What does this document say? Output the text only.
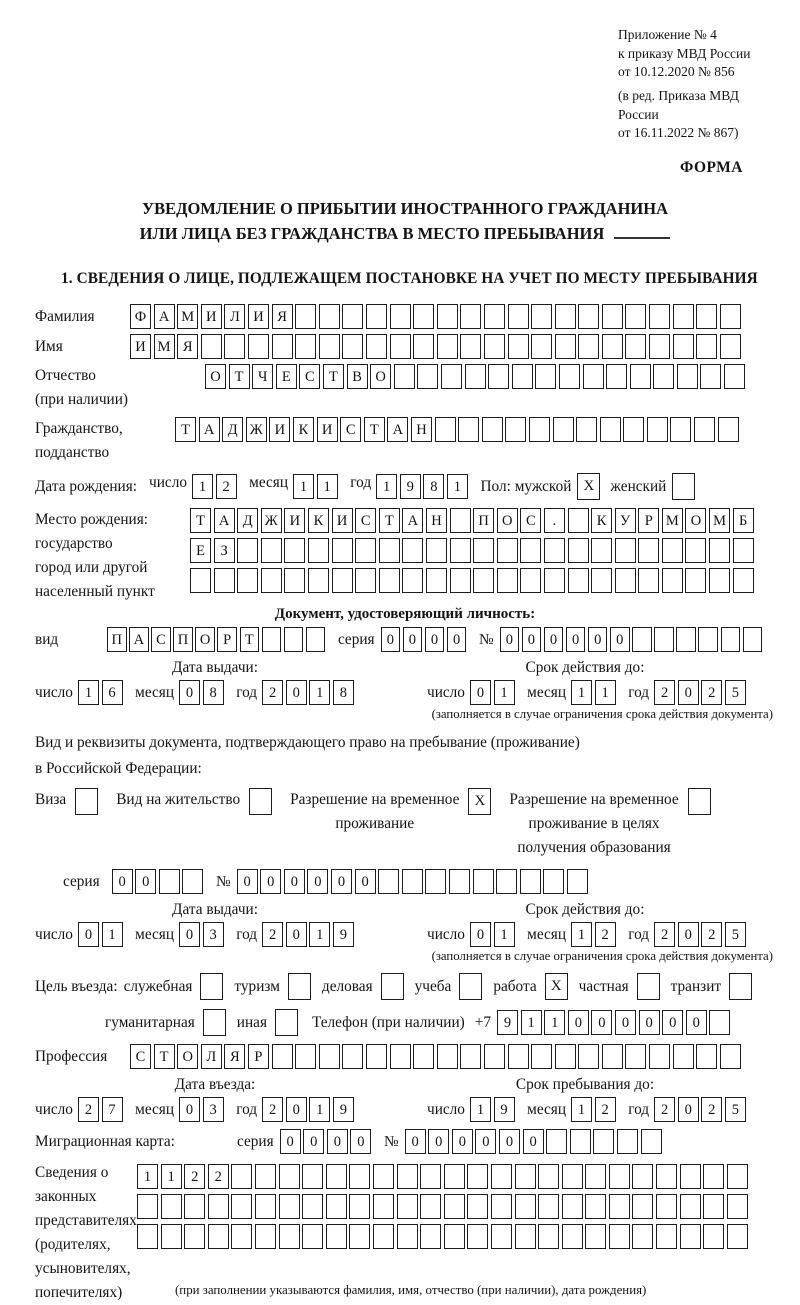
Приложение № 4
к приказу МВД России
от 10.12.2020 № 856
(в ред. Приказа МВД России
от 16.11.2022 № 867)
ФОРМА
УВЕДОМЛЕНИЕ О ПРИБЫТИИ ИНОСТРАННОГО ГРАЖДАНИНА
ИЛИ ЛИЦА БЕЗ ГРАЖДАНСТВА В МЕСТО ПРЕБЫВАНИЯ
1. СВЕДЕНИЯ О ЛИЦЕ, ПОДЛЕЖАЩЕМ ПОСТАНОВКЕ НА УЧЕТ ПО МЕСТУ ПРЕБЫВАНИЯ
Фамилия	Ф А М И Л И Я
Имя	И М Я
Отчество
(при наличии)
О Т Ч Е С Т В О
Гражданство,
подданство
Т А Д Ж И К И С Т А Н
Дата рождения: число 1	2	месяц 1	1	год 1	9	8	1	Пол: мужской X	женский
Место рождения:
государство
город или другой
населенный пункт
Т А Д Ж И К И С Т А Н	П О С	.	К У Р М О М Б
Е	З
Документ, удостоверяющий личность:
вид	П А С П О Р Т	серия 0	0	0	0	№ 0	0	0	0	0	0
Дата выдачи:	Срок действия до:
число 1	6	месяц 0	8	год 2	0	1	8	число 0	1	месяц 1	1	год 2	0	2	5
(заполняется в случае ограничения срока действия документа)
Вид и реквизиты документа, подтверждающего право на пребывание (проживание)
в Российской Федерации:
Виза	Вид на жительство	Разрешение на временное
проживание
X	Разрешение на временное
проживание в целях
получения образования
серия	0	0	№ 0	0	0	0	0	0
Дата выдачи:	Срок действия до:
число 0	1	месяц 0	3	год 2	0	1	9	число 0	1	месяц 1	2	год 2	0	2	5
(заполняется в случае ограничения срока действия документа)
Цель въезда: служебная	туризм	деловая	учеба	работа X	частная	транзит
гуманитарная	иная	Телефон (при наличии) +7 9	1	1	0	0	0	0	0	0
Профессия	С Т О Л Я	Р
Дата въезда:	Срок пребывания до:
число 2	7	месяц 0	3	год 2	0	1	9	число 1	9	месяц 1	2	год 2	0	2	5
Миграционная карта:	серия 0	0	0	0	№ 0	0	0	0	0	0
Сведения о
законных
представителях
(родителях,
усыновителях,
попечителях)
1	1	2	2
(при заполнении указываются фамилия, имя, отчество (при наличии), дата рождения)
